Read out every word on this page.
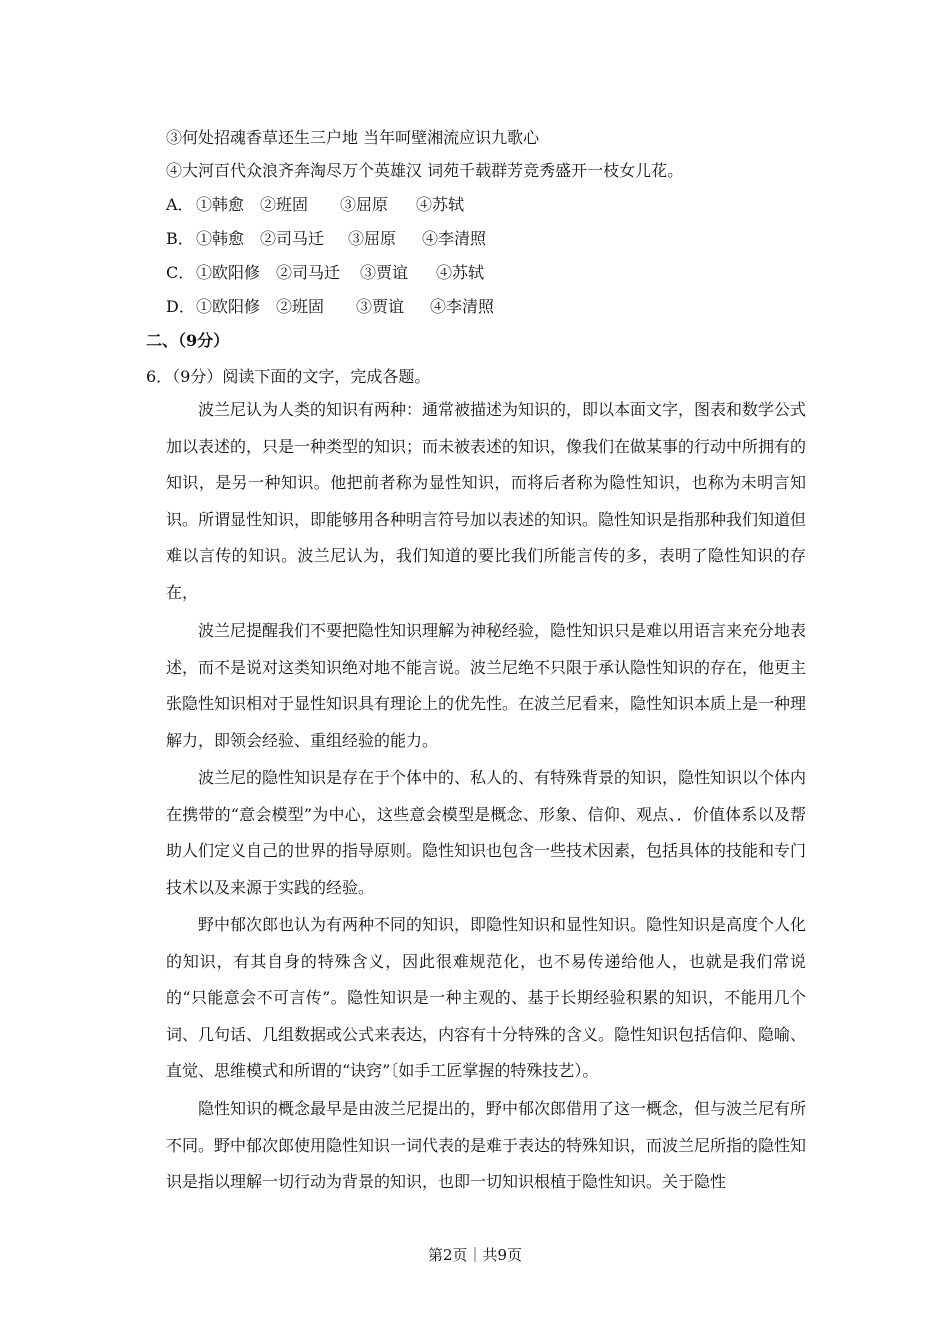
③何处招魂香草还生三户地 当年呵壁湘流应识九歌心
④大河百代众浪齐奔淘尽万个英雄汉 词苑千载群芳竞秀盛开一枝女儿花。
A． ①韩愈 ②班固 ③屈原 ④苏轼
B． ①韩愈 ②司马迁 ③屈原 ④李清照
C． ①欧阳修 ②司马迁 ③贾谊 ④苏轼
D．①欧阳修 ②班固 ③贾谊 ④李清照
二、（9分）
6．（9分）阅读下面的文字，完成各题。
波兰尼认为人类的知识有两种：通常被描述为知识的，即以本面文字，图表和数学公式加以表述的，只是一种类型的知识；而未被表述的知识，像我们在做某事的行动中所拥有的知识，是另一种知识。他把前者称为显性知识，而将后者称为隐性知识，也称为未明言知识。所谓显性知识，即能够用各种明言符号加以表述的知识。隐性知识是指那种我们知道但难以言传的知识。波兰尼认为，我们知道的要比我们所能言传的多，表明了隐性知识的存在，
波兰尼提醒我们不要把隐性知识理解为神秘经验，隐性知识只是难以用语言来充分地表述，而不是说对这类知识绝对地不能言说。波兰尼绝不只限于承认隐性知识的存在，他更主张隐性知识相对于显性知识具有理论上的优先性。在波兰尼看来，隐性知识本质上是一种理解力，即领会经验、重组经验的能力。
波兰尼的隐性知识是存在于个体中的、私人的、有特殊背景的知识，隐性知识以个体内在携带的“意会模型”为中心，这些意会模型是概念、形象、信仰、观点、．价值体系以及帮助人们定义自己的世界的指导原则。隐性知识也包含一些技术因素，包括具体的技能和专门技术以及来源于实践的经验。
野中郁次郎也认为有两种不同的知识，即隐性知识和显性知识。隐性知识是高度个人化的知识，有其自身的特殊含义，因此很难规范化，也不易传递给他人，也就是我们常说的“只能意会不可言传”。隐性知识是一种主观的、基于长期经验积累的知识，不能用几个词、几句话、几组数据或公式来表达，内容有十分特殊的含义。隐性知识包括信仰、隐喻、直觉、思维模式和所谓的“诀窍”〔如手工匠掌握的特殊技艺）。
隐性知识的概念最早是由波兰尼提出的，野中郁次郎借用了这一概念，但与波兰尼有所不同。野中郁次郎使用隐性知识一词代表的是难于表达的特殊知识，而波兰尼所指的隐性知识是指以理解一切行动为背景的知识，也即一切知识根植于隐性知识。关于隐性
第2页｜共9页
